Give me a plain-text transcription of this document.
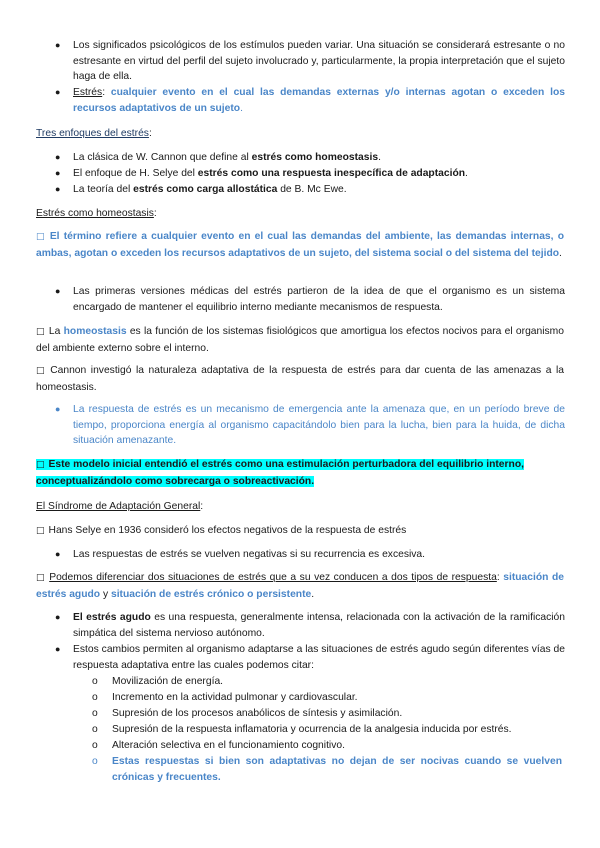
● Los significados psicológicos de los estímulos pueden variar. Una situación se considerará estresante o no estresante en virtud del perfil del sujeto involucrado y, particularmente, la propia interpretación que el sujeto haga de ella.
● Estrés: cualquier evento en el cual las demandas externas y/o internas agotan o exceden los recursos adaptativos de un sujeto.
Tres enfoques del estrés:
● La clásica de W. Cannon que define al estrés como homeostasis.
● El enfoque de H. Selye del estrés como una respuesta inespecífica de adaptación.
● La teoría del estrés como carga allostática de B. Mc Ewe.
Estrés como homeostasis:
□ El término refiere a cualquier evento en el cual las demandas del ambiente, las demandas internas, o ambas, agotan o exceden los recursos adaptativos de un sujeto, del sistema social o del sistema del tejido.
● Las primeras versiones médicas del estrés partieron de la idea de que el organismo es un sistema encargado de mantener el equilibrio interno mediante mecanismos de respuesta.
□ La homeostasis es la función de los sistemas fisiológicos que amortigua los efectos nocivos para el organismo del ambiente externo sobre el interno.
□ Cannon investigó la naturaleza adaptativa de la respuesta de estrés para dar cuenta de las amenazas a la homeostasis.
● La respuesta de estrés es un mecanismo de emergencia ante la amenaza que, en un período breve de tiempo, proporciona energía al organismo capacitándolo bien para la lucha, bien para la huida, de dicha situación amenazante.
□ Este modelo inicial entendió el estrés como una estimulación perturbadora del equilibrio interno, conceptualizándolo como sobrecarga o sobreactivación.
El Síndrome de Adaptación General:
□ Hans Selye en 1936 consideró los efectos negativos de la respuesta de estrés
● Las respuestas de estrés se vuelven negativas si su recurrencia es excesiva.
□ Podemos diferenciar dos situaciones de estrés que a su vez conducen a dos tipos de respuesta: situación de estrés agudo y situación de estrés crónico o persistente.
● El estrés agudo es una respuesta, generalmente intensa, relacionada con la activación de la ramificación simpática del sistema nervioso autónomo.
● Estos cambios permiten al organismo adaptarse a las situaciones de estrés agudo según diferentes vías de respuesta adaptativa entre las cuales podemos citar:
o Movilización de energía.
o Incremento en la actividad pulmonar y cardiovascular.
o Supresión de los procesos anabólicos de síntesis y asimilación.
o Supresión de la respuesta inflamatoria y ocurrencia de la analgesia inducida por estrés.
o Alteración selectiva en el funcionamiento cognitivo.
o Estas respuestas si bien son adaptativas no dejan de ser nocivas cuando se vuelven crónicas y frecuentes.
